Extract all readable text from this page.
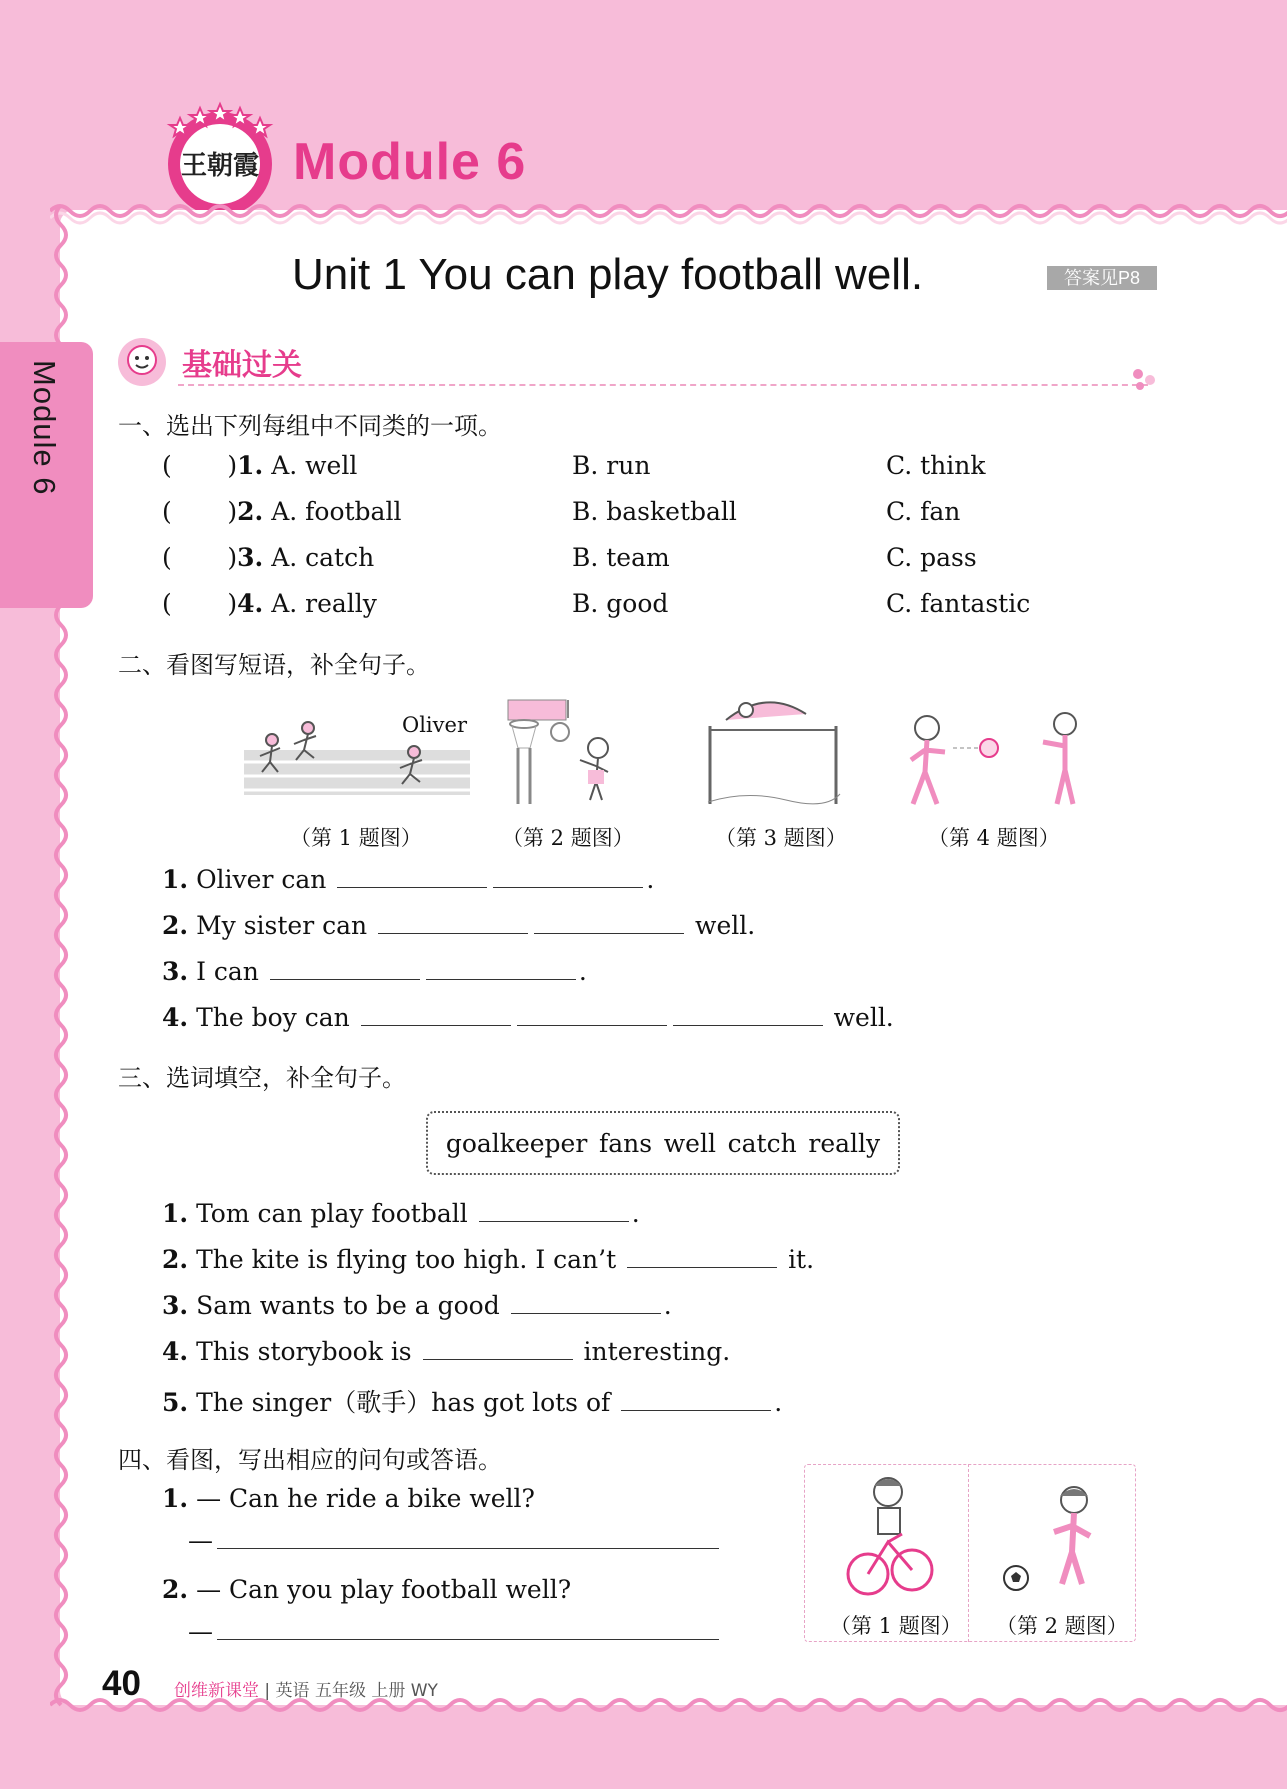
王朝霞 Module 6
Module 6
Unit 1 You can play football well.	答案见P8
基础过关
一、选出下列每组中不同类的一项。
(       )1. A. well	B. run	C. think
(       )2. A. football	B. basketball	C. fan
(       )3. A. catch	B. team	C. pass
(       )4. A. really	B. good	C. fantastic
二、看图写短语，补全句子。
Oliver
（第 1 题图）	（第 2 题图）	（第 3 题图）	（第 4 题图）
1. Oliver can	.
2. My sister can	well.
3. I can	.
4. The boy can	well.
三、选词填空，补全句子。
goalkeeper fans well catch really
1. Tom can play football	.
2. The kite is flying too high. I can’t	it.
3. Sam wants to be a good	.
4. This storybook is	interesting.
5. The singer（歌手）has got lots of	.
四、看图，写出相应的问句或答语。
1. — Can he ride a bike well?
—
2. — Can you play football well?
—	（第 1 题图） （第 2 题图）
40 创维新课堂 | 英语 五年级 上册 WY
